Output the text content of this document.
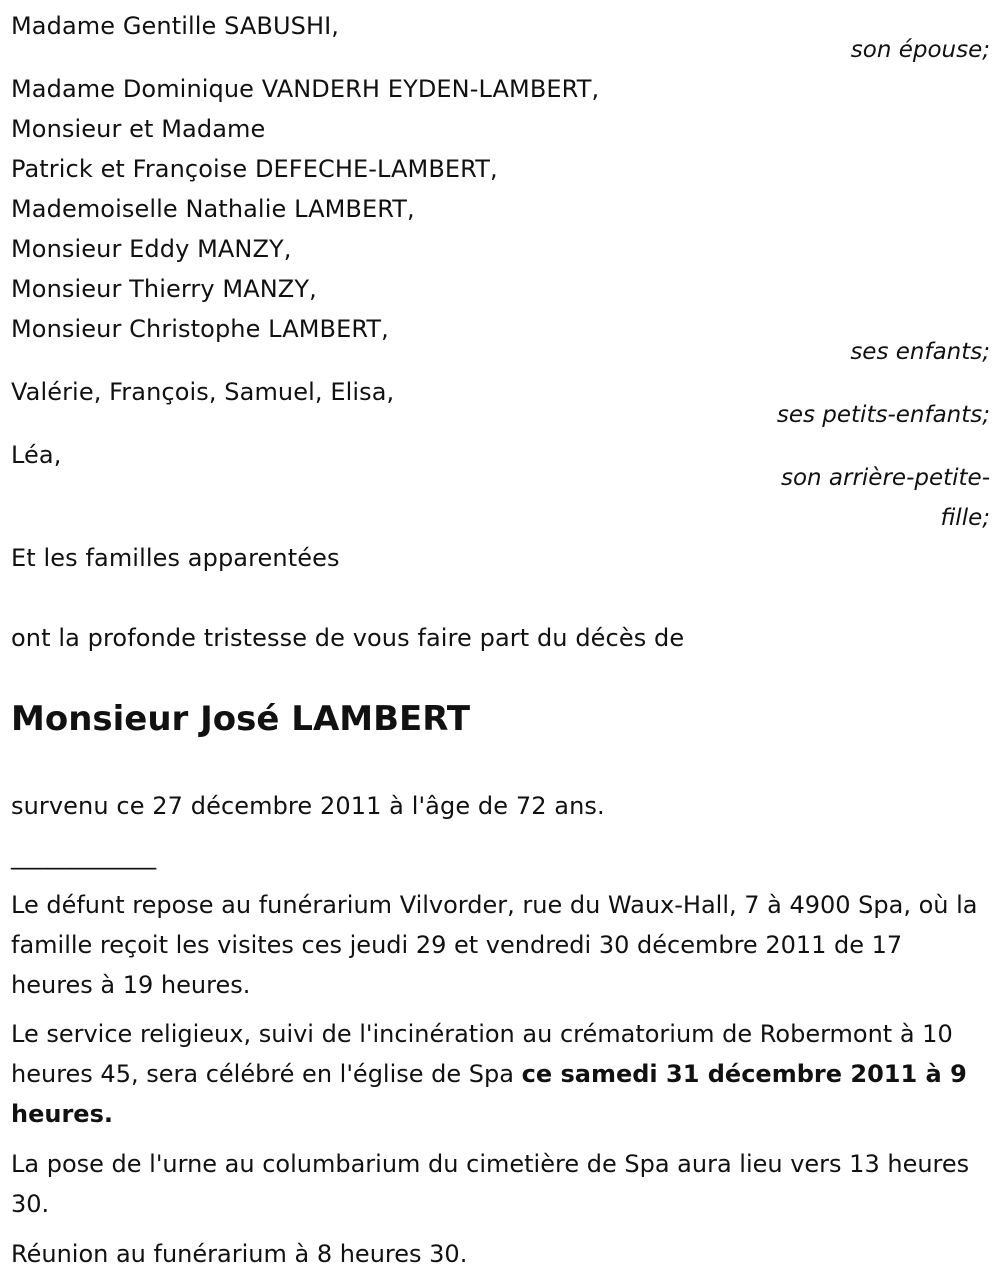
Madame Gentille SABUSHI,
son épouse;
Madame Dominique VANDERH EYDEN-LAMBERT,
Monsieur et Madame
Patrick et Françoise DEFECHE-LAMBERT,
Mademoiselle Nathalie LAMBERT,
Monsieur Eddy MANZY,
Monsieur Thierry MANZY,
Monsieur Christophe LAMBERT,
ses enfants;
Valérie, François, Samuel, Elisa,
ses petits-enfants;
Léa,
son arrière-petite-
fille;
Et les familles apparentées
ont la profonde tristesse de vous faire part du décès de
Monsieur José LAMBERT
survenu ce 27 décembre 2011 à l'âge de 72 ans.
____________
Le défunt repose au funérarium Vilvorder, rue du Waux-Hall, 7 à 4900 Spa, où la famille reçoit les visites ces jeudi 29 et vendredi 30 décembre 2011 de 17 heures à 19 heures.
Le service religieux, suivi de l'incinération au crématorium de Robermont à 10 heures 45, sera célébré en l'église de Spa ce samedi 31 décembre 2011 à 9 heures.
La pose de l'urne au columbarium du cimetière de Spa aura lieu vers 13 heures 30.
Réunion au funérarium à 8 heures 30.
